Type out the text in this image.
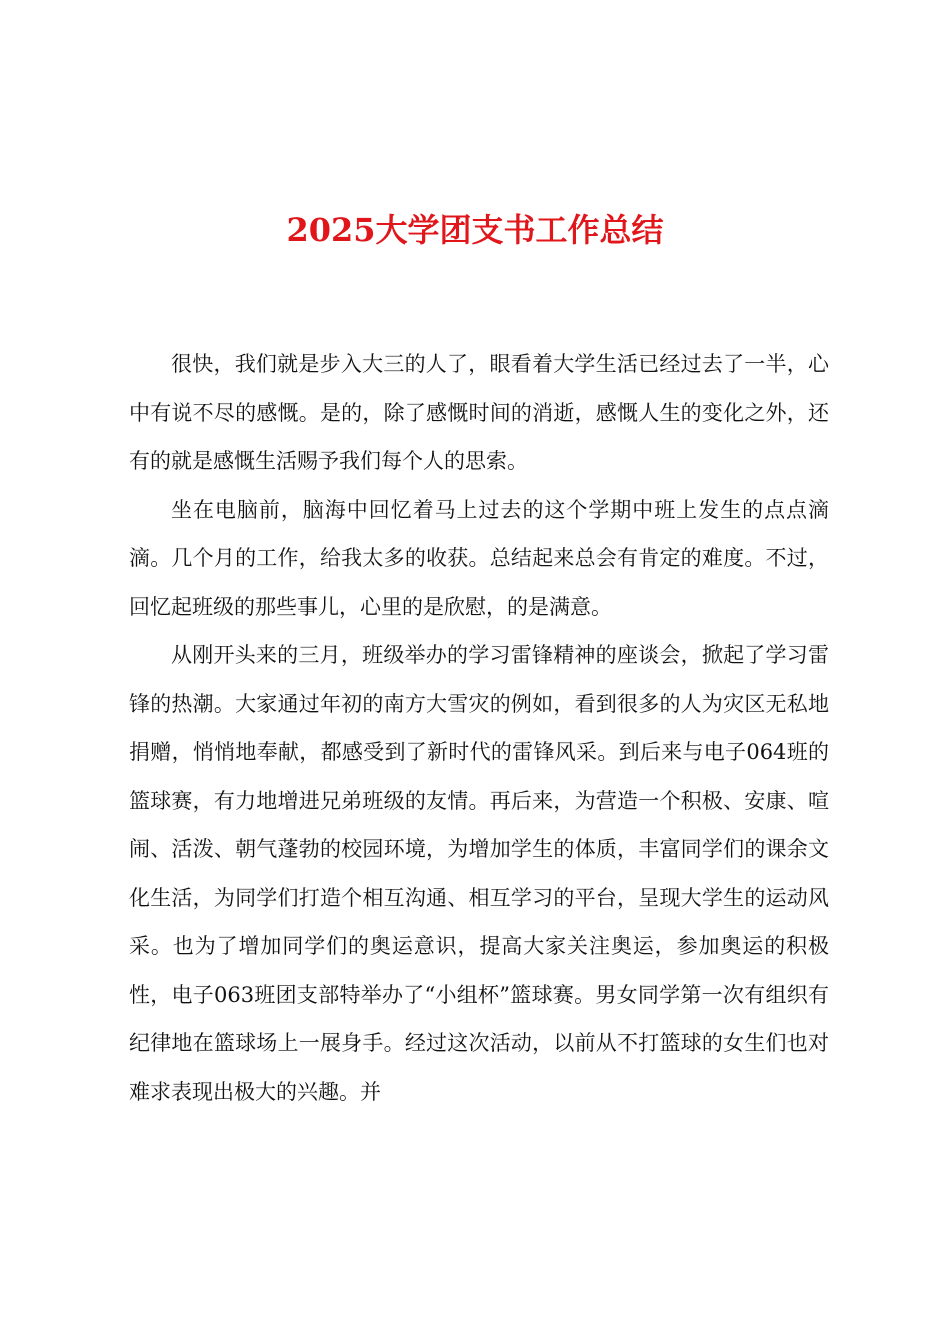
2025大学团支书工作总结

很快，我们就是步入大三的人了，眼看着大学生活已经过去了一半，心中有说不尽的感慨。是的，除了感慨时间的消逝，感慨人生的变化之外，还有的就是感慨生活赐予我们每个人的思索。

坐在电脑前，脑海中回忆着马上过去的这个学期中班上发生的点点滴滴。几个月的工作，给我太多的收获。总结起来总会有肯定的难度。不过，回忆起班级的那些事儿，心里的是欣慰，的是满意。

从刚开头来的三月，班级举办的学习雷锋精神的座谈会，掀起了学习雷锋的热潮。大家通过年初的南方大雪灾的例如，看到很多的人为灾区无私地捐赠，悄悄地奉献，都感受到了新时代的雷锋风采。到后来与电子064班的篮球赛，有力地增进兄弟班级的友情。再后来，为营造一个积极、安康、喧闹、活泼、朝气蓬勃的校园环境，为增加学生的体质，丰富同学们的课余文化生活，为同学们打造个相互沟通、相互学习的平台，呈现大学生的运动风采。也为了增加同学们的奥运意识，提高大家关注奥运，参加奥运的积极性，电子063班团支部特举办了“小组杯”篮球赛。男女同学第一次有组织有纪律地在篮球场上一展身手。经过这次活动，以前从不打篮球的女生们也对难求表现出极大的兴趣。并
